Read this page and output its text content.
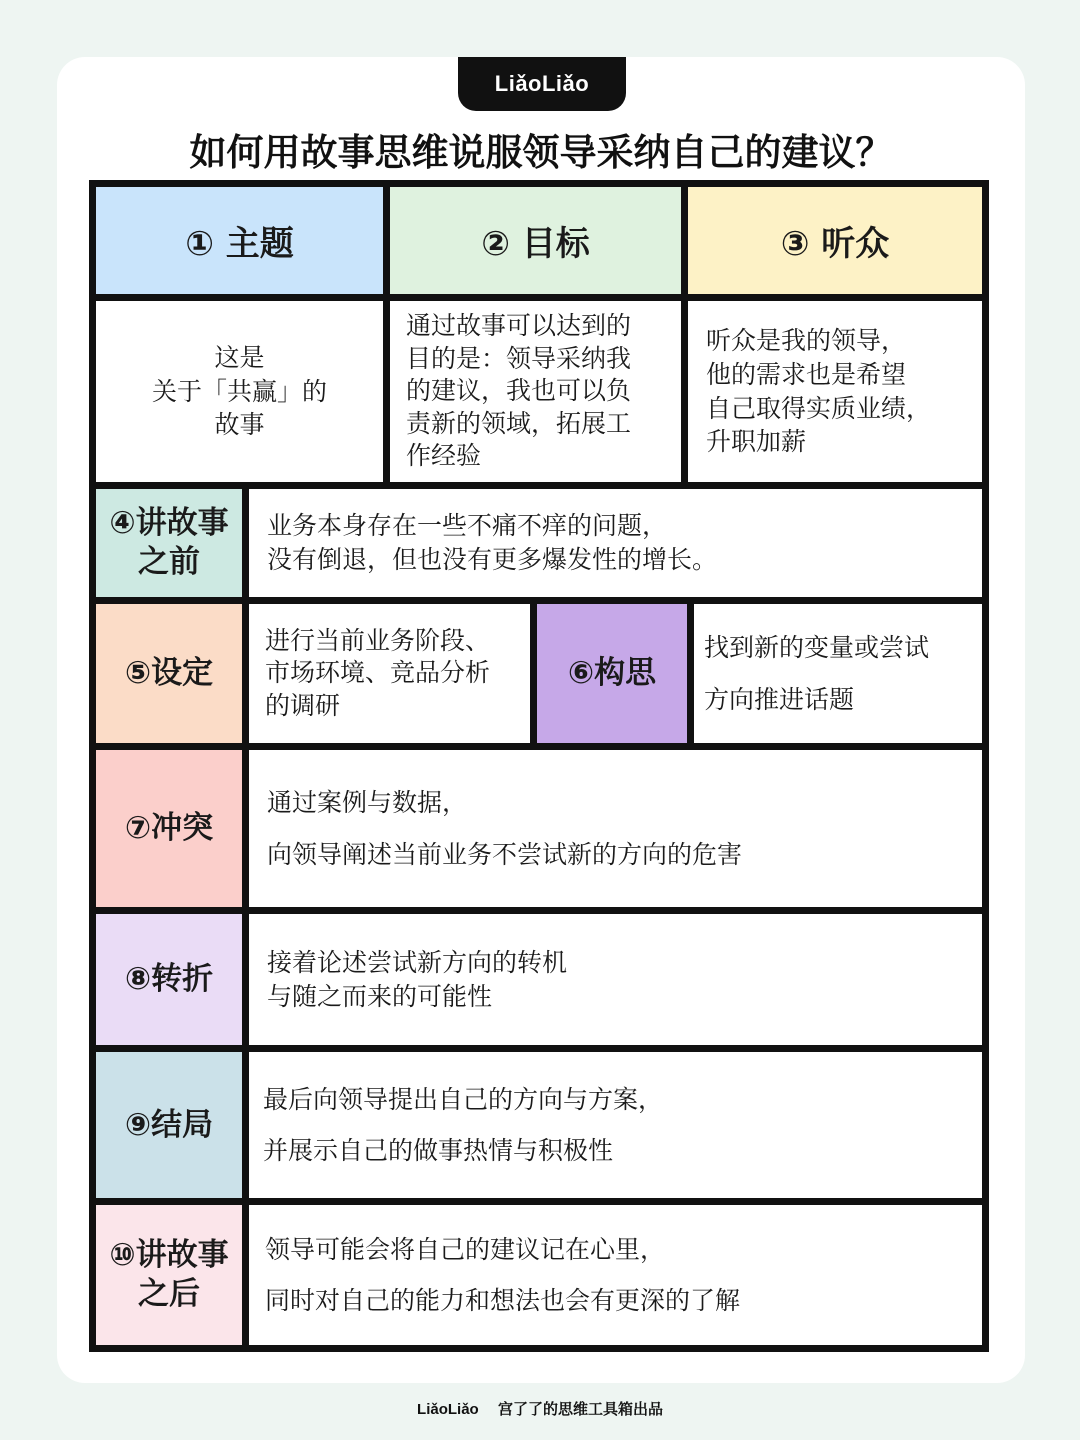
LiǎoLiǎo
如何用故事思维说服领导采纳自己的建议？
① 主题	② 目标	③ 听众
这是
关于「共赢」的
故事
通过故事可以达到的
目的是：领导采纳我
的建议，我也可以负
责新的领域，拓展工
作经验
听众是我的领导，
他的需求也是希望
自己取得实质业绩，
升职加薪
④讲故事
之前
业务本身存在一些不痛不痒的问题，
没有倒退，但也没有更多爆发性的增长。
⑤设定
进行当前业务阶段、
市场环境、竞品分析
的调研
⑥构思
找到新的变量或尝试
方向推进话题
⑦冲突
通过案例与数据，
向领导阐述当前业务不尝试新的方向的危害
⑧转折 接着论述尝试新方向的转机
与随之而来的可能性
⑨结局
最后向领导提出自己的方向与方案，
并展示自己的做事热情与积极性
⑩讲故事
之后
领导可能会将自己的建议记在心里，
同时对自己的能力和想法也会有更深的了解
LiǎoLiǎo 宫了了的思维工具箱出品
